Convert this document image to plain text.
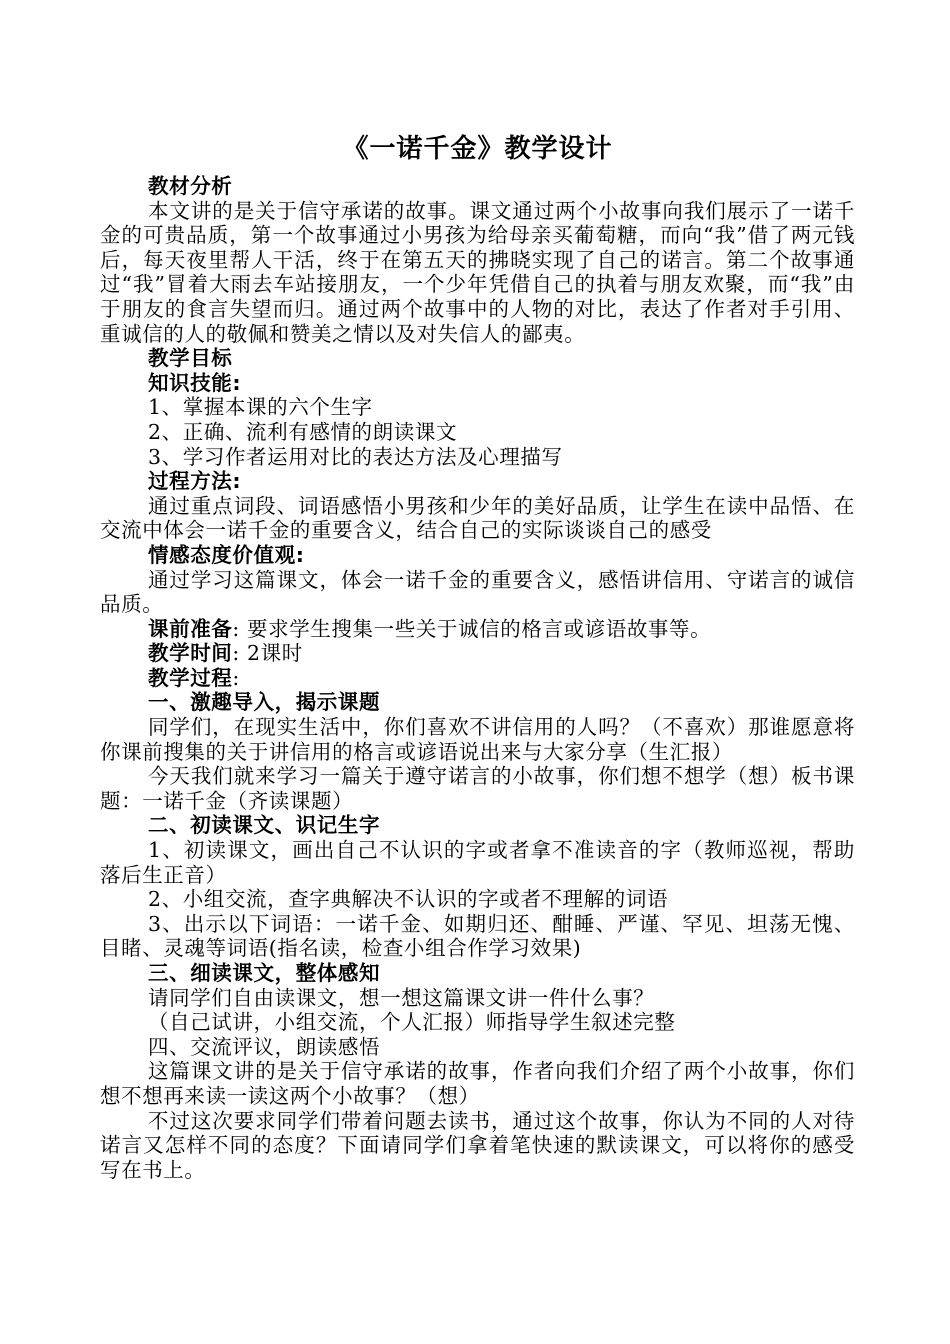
《一诺千金》教学设计

教材分析

本文讲的是关于信守承诺的故事。课文通过两个小故事向我们展示了一诺千金的可贵品质，第一个故事通过小男孩为给母亲买葡萄糖，而向“我”借了两元钱后，每天夜里帮人干活，终于在第五天的拂晓实现了自己的诺言。第二个故事通过“我”冒着大雨去车站接朋友，一个少年凭借自己的执着与朋友欢聚，而“我”由于朋友的食言失望而归。通过两个故事中的人物的对比，表达了作者对手引用、重诚信的人的敬佩和赞美之情以及对失信人的鄙夷。

教学目标

知识技能:

1、掌握本课的六个生字

2、正确、流利有感情的朗读课文

3、学习作者运用对比的表达方法及心理描写

过程方法:

通过重点词段、词语感悟小男孩和少年的美好品质，让学生在读中品悟、在交流中体会一诺千金的重要含义，结合自己的实际谈谈自己的感受

情感态度价值观:

通过学习这篇课文，体会一诺千金的重要含义，感悟讲信用、守诺言的诚信品质。

课前准备: 要求学生搜集一些关于诚信的格言或谚语故事等。

教学时间: 2课时

教学过程:

一、激趣导入，揭示课题

同学们，在现实生活中，你们喜欢不讲信用的人吗？（不喜欢）那谁愿意将你课前搜集的关于讲信用的格言或谚语说出来与大家分享（生汇报）

今天我们就来学习一篇关于遵守诺言的小故事，你们想不想学（想）板书课题：一诺千金（齐读课题）

二、初读课文、识记生字

1、初读课文，画出自己不认识的字或者拿不准读音的字（教师巡视，帮助落后生正音）

2、小组交流，查字典解决不认识的字或者不理解的词语

3、出示以下词语：一诺千金、如期归还、酣睡、严谨、罕见、坦荡无愧、目睹、灵魂等词语(指名读，检查小组合作学习效果)

三、细读课文，整体感知

请同学们自由读课文，想一想这篇课文讲一件什么事？

（自己试讲，小组交流，个人汇报）师指导学生叙述完整

四、交流评议，朗读感悟

这篇课文讲的是关于信守承诺的故事，作者向我们介绍了两个小故事，你们想不想再来读一读这两个小故事？（想）

不过这次要求同学们带着问题去读书，通过这个故事，你认为不同的人对待诺言又怎样不同的态度？下面请同学们拿着笔快速的默读课文，可以将你的感受写在书上。
